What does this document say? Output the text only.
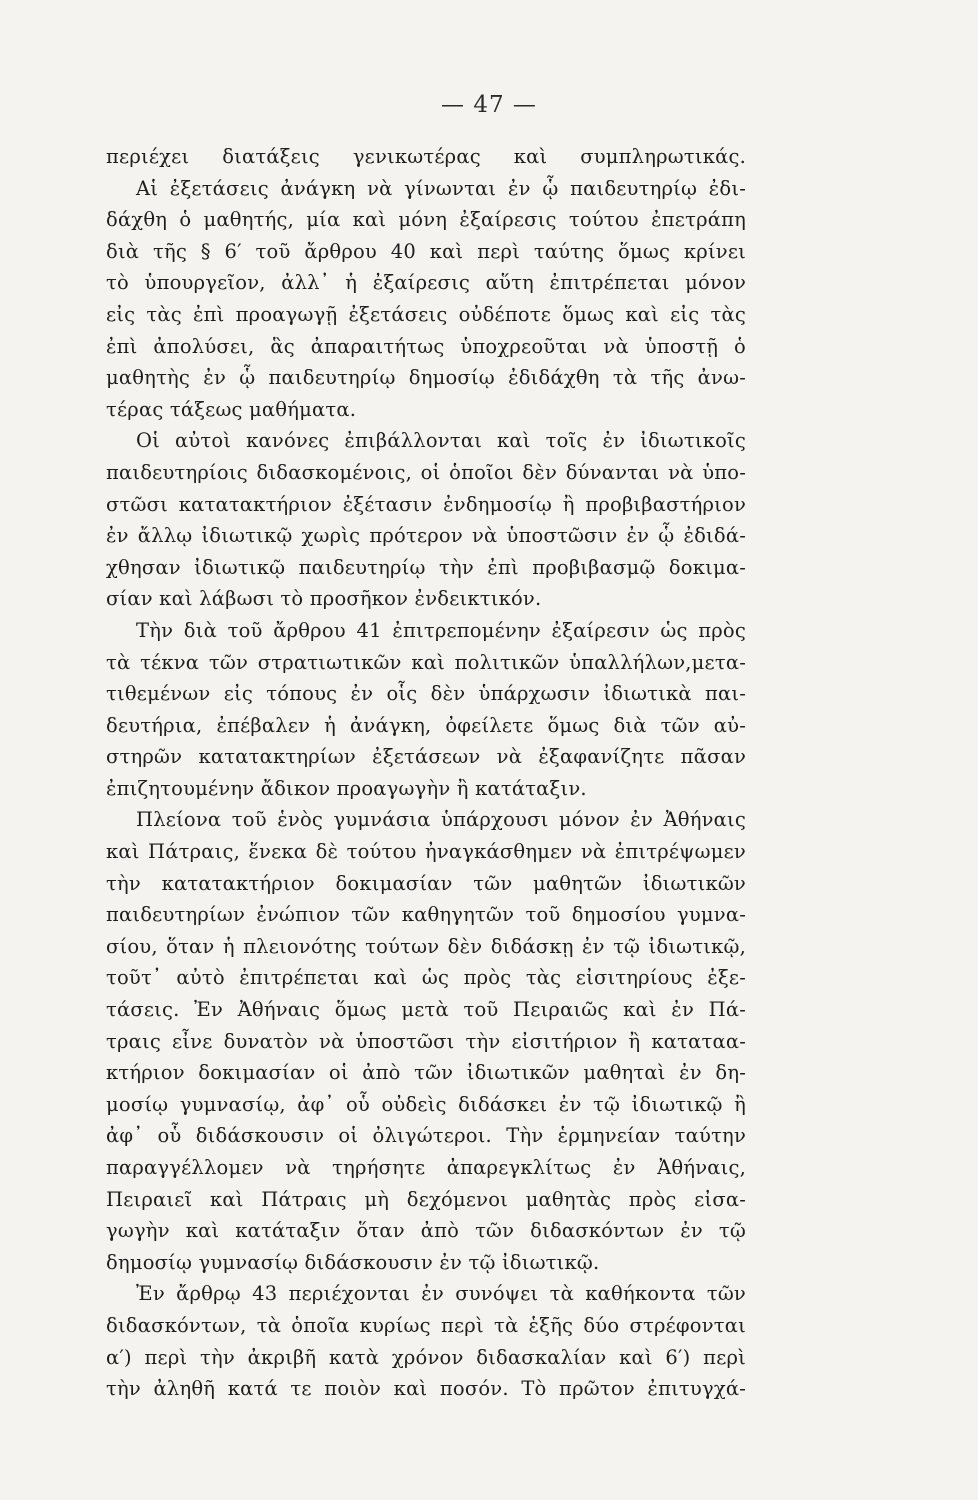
— 47 —
περιέχει διατάξεις γενικωτέρας καὶ συμπληρωτικάς.
Αἱ ἐξετάσεις ἀνάγκη νὰ γίνωνται ἐν ᾧ παιδευτηρίῳ ἐδι-
δάχθη ὁ μαθητής, μία καὶ μόνη ἐξαίρεσις τούτου ἐπετράπη
διὰ τῆς § 6′ τοῦ ἄρθρου 40 καὶ περὶ ταύτης ὅμως κρίνει
τὸ ὑπουργεῖον, ἀλλ᾽ ἡ ἐξαίρεσις αὕτη ἐπιτρέπεται μόνον
εἰς τὰς ἐπὶ προαγωγῇ ἐξετάσεις οὐδέποτε ὅμως καὶ εἰς τὰς
ἐπὶ ἀπολύσει, ἃς ἀπαραιτήτως ὑποχρεοῦται νὰ ὑποστῇ ὁ
μαθητὴς ἐν ᾧ παιδευτηρίῳ δημοσίῳ ἐδιδάχθη τὰ τῆς ἀνω-
τέρας τάξεως μαθήματα.
Οἱ αὐτοὶ κανόνες ἐπιβάλλονται καὶ τοῖς ἐν ἰδιωτικοῖς
παιδευτηρίοις διδασκομένοις, οἱ ὁποῖοι δὲν δύνανται νὰ ὑπο-
στῶσι κατατακτήριον ἐξέτασιν ἐνδημοσίῳ ἢ προβιβαστήριον
ἐν ἄλλῳ ἰδιωτικῷ χωρὶς πρότερον νὰ ὑποστῶσιν ἐν ᾧ ἐδιδά-
χθησαν ἰδιωτικῷ παιδευτηρίῳ τὴν ἐπὶ προβιβασμῷ δοκιμα-
σίαν καὶ λάβωσι τὸ προσῆκον ἐνδεικτικόν.
Τὴν διὰ τοῦ ἄρθρου 41 ἐπιτρεπομένην ἐξαίρεσιν ὡς πρὸς
τὰ τέκνα τῶν στρατιωτικῶν καὶ πολιτικῶν ὑπαλλήλων,μετα-
τιθεμένων εἰς τόπους ἐν οἷς δὲν ὑπάρχωσιν ἰδιωτικὰ παι-
δευτήρια, ἐπέβαλεν ἡ ἀνάγκη, ὀφείλετε ὅμως διὰ τῶν αὐ-
στηρῶν κατατακτηρίων ἐξετάσεων νὰ ἐξαφανίζητε πᾶσαν
ἐπιζητουμένην ἄδικον προαγωγὴν ἢ κατάταξιν.
Πλείονα τοῦ ἑνὸς γυμνάσια ὑπάρχουσι μόνον ἐν Ἀθήναις
καὶ Πάτραις, ἕνεκα δὲ τούτου ἠναγκάσθημεν νὰ ἐπιτρέψωμεν
τὴν κατατακτήριον δοκιμασίαν τῶν μαθητῶν ἰδιωτικῶν
παιδευτηρίων ἐνώπιον τῶν καθηγητῶν τοῦ δημοσίου γυμνα-
σίου, ὅταν ἡ πλειονότης τούτων δὲν διδάσκῃ ἐν τῷ ἰδιωτικῷ,
τοῦτ᾽ αὐτὸ ἐπιτρέπεται καὶ ὡς πρὸς τὰς εἰσιτηρίους ἐξε-
τάσεις. Ἐν Ἀθήναις ὅμως μετὰ τοῦ Πειραιῶς καὶ ἐν Πά-
τραις εἶνε δυνατὸν νὰ ὑποστῶσι τὴν εἰσιτήριον ἢ καταταα-
κτήριον δοκιμασίαν οἱ ἀπὸ τῶν ἰδιωτικῶν μαθηταὶ ἐν δη-
μοσίῳ γυμνασίῳ, ἀφ᾽ οὗ οὐδεὶς διδάσκει ἐν τῷ ἰδιωτικῷ ἢ
ἀφ᾽ οὗ διδάσκουσιν οἱ ὀλιγώτεροι. Τὴν ἑρμηνείαν ταύτην
παραγγέλλομεν νὰ τηρήσητε ἀπαρεγκλίτως ἐν Ἀθήναις,
Πειραιεῖ καὶ Πάτραις μὴ δεχόμενοι μαθητὰς πρὸς εἰσα-
γωγὴν καὶ κατάταξιν ὅταν ἀπὸ τῶν διδασκόντων ἐν τῷ
δημοσίῳ γυμνασίῳ διδάσκουσιν ἐν τῷ ἰδιωτικῷ.
Ἐν ἄρθρῳ 43 περιέχονται ἐν συνόψει τὰ καθήκοντα τῶν
διδασκόντων, τὰ ὁποῖα κυρίως περὶ τὰ ἑξῆς δύο στρέφονται
α′) περὶ τὴν ἀκριβῆ κατὰ χρόνον διδασκαλίαν καὶ 6′) περὶ
τὴν ἀληθῆ κατά τε ποιὸν καὶ ποσόν. Τὸ πρῶτον ἐπιτυγχά-
